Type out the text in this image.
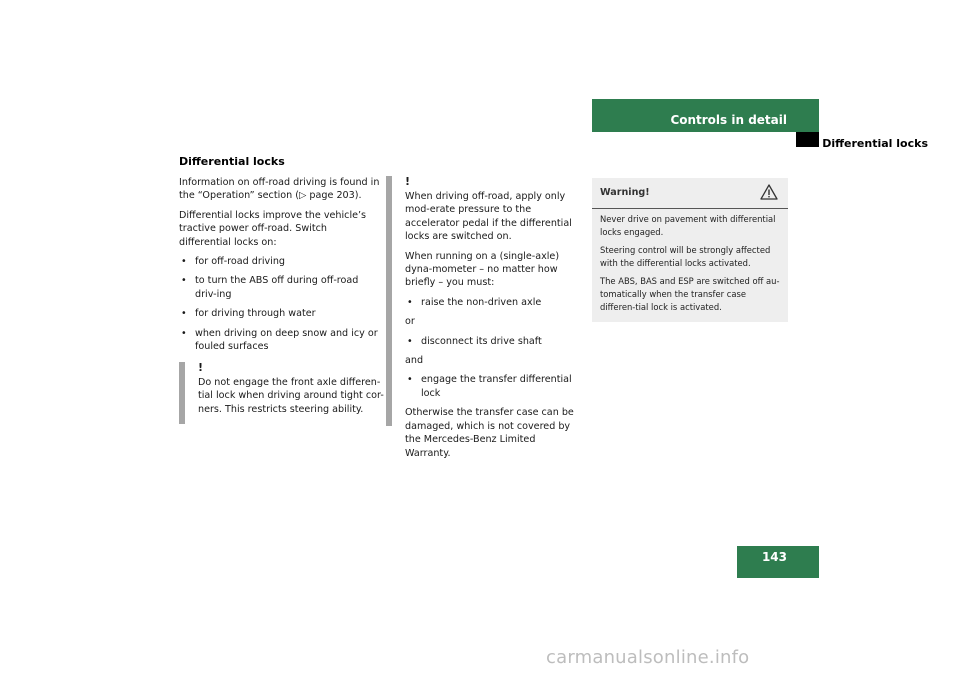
Controls in detail
Differential locks
Differential locks

Information on off-road driving is found in the “Operation” section (▷ page 203).

Differential locks improve the vehicle’s tractive power off-road. Switch differential locks on:

• for off-road driving
• to turn the ABS off during off-road driv-ing
• for driving through water
• when driving on deep snow and icy or fouled surfaces
!
Do not engage the front axle differen-tial lock when driving around tight cor-ners. This restricts steering ability.
!

When driving off-road, apply only mod-erate pressure to the accelerator pedal if the differential locks are switched on.

When running on a (single-axle) dyna-mometer – no matter how briefly – you must:

• raise the non-driven axle

or

• disconnect its drive shaft

and

• engage the transfer differential lock

Otherwise the transfer case can be damaged, which is not covered by the Mercedes-Benz Limited Warranty.

Warning!

Never drive on pavement with differential locks engaged.

Steering control will be strongly affected with the differential locks activated.

The ABS, BAS and ESP are switched off au-tomatically when the transfer case differen-tial lock is activated.

143
carmanualsonline.info
